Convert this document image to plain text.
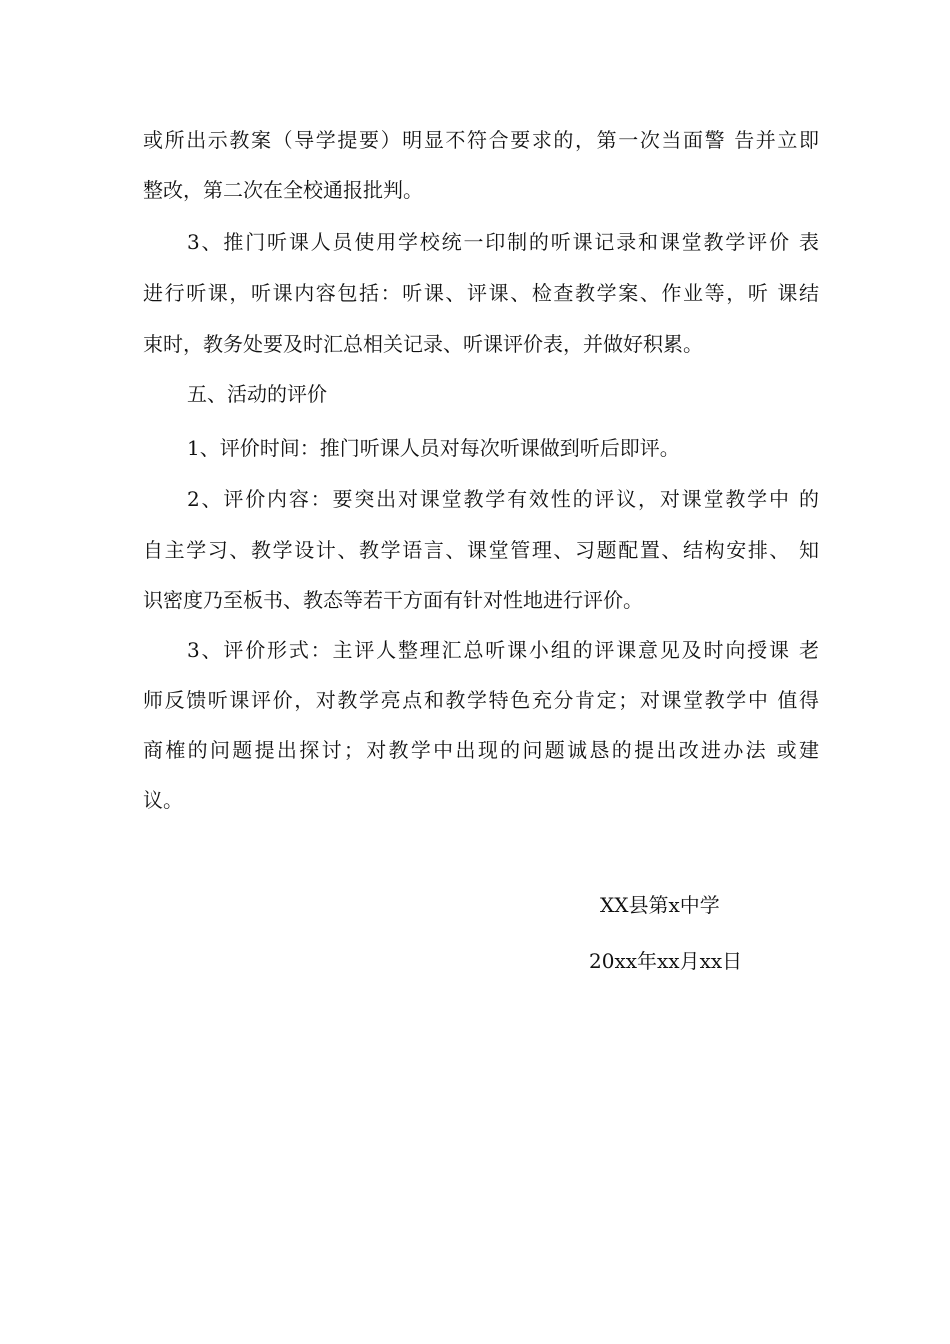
或所出示教案（导学提要）明显不符合要求的，第一次当面警 告并立即
整改，第二次在全校通报批判。
3、推门听课人员使用学校统一印制的听课记录和课堂教学评价 表
进行听课，听课内容包括：听课、评课、检查教学案、作业等，听 课结
束时，教务处要及时汇总相关记录、听课评价表，并做好积累。
五、活动的评价
1、评价时间：推门听课人员对每次听课做到听后即评。
2、评价内容：要突出对课堂教学有效性的评议，对课堂教学中 的
自主学习、教学设计、教学语言、课堂管理、习题配置、结构安排、 知
识密度乃至板书、教态等若干方面有针对性地进行评价。
3、评价形式：主评人整理汇总听课小组的评课意见及时向授课 老
师反馈听课评价，对教学亮点和教学特色充分肯定；对课堂教学中 值得
商榷的问题提出探讨；对教学中出现的问题诚恳的提出改进办法 或建
议。
XX县第x中学
20xx年xx月xx日
